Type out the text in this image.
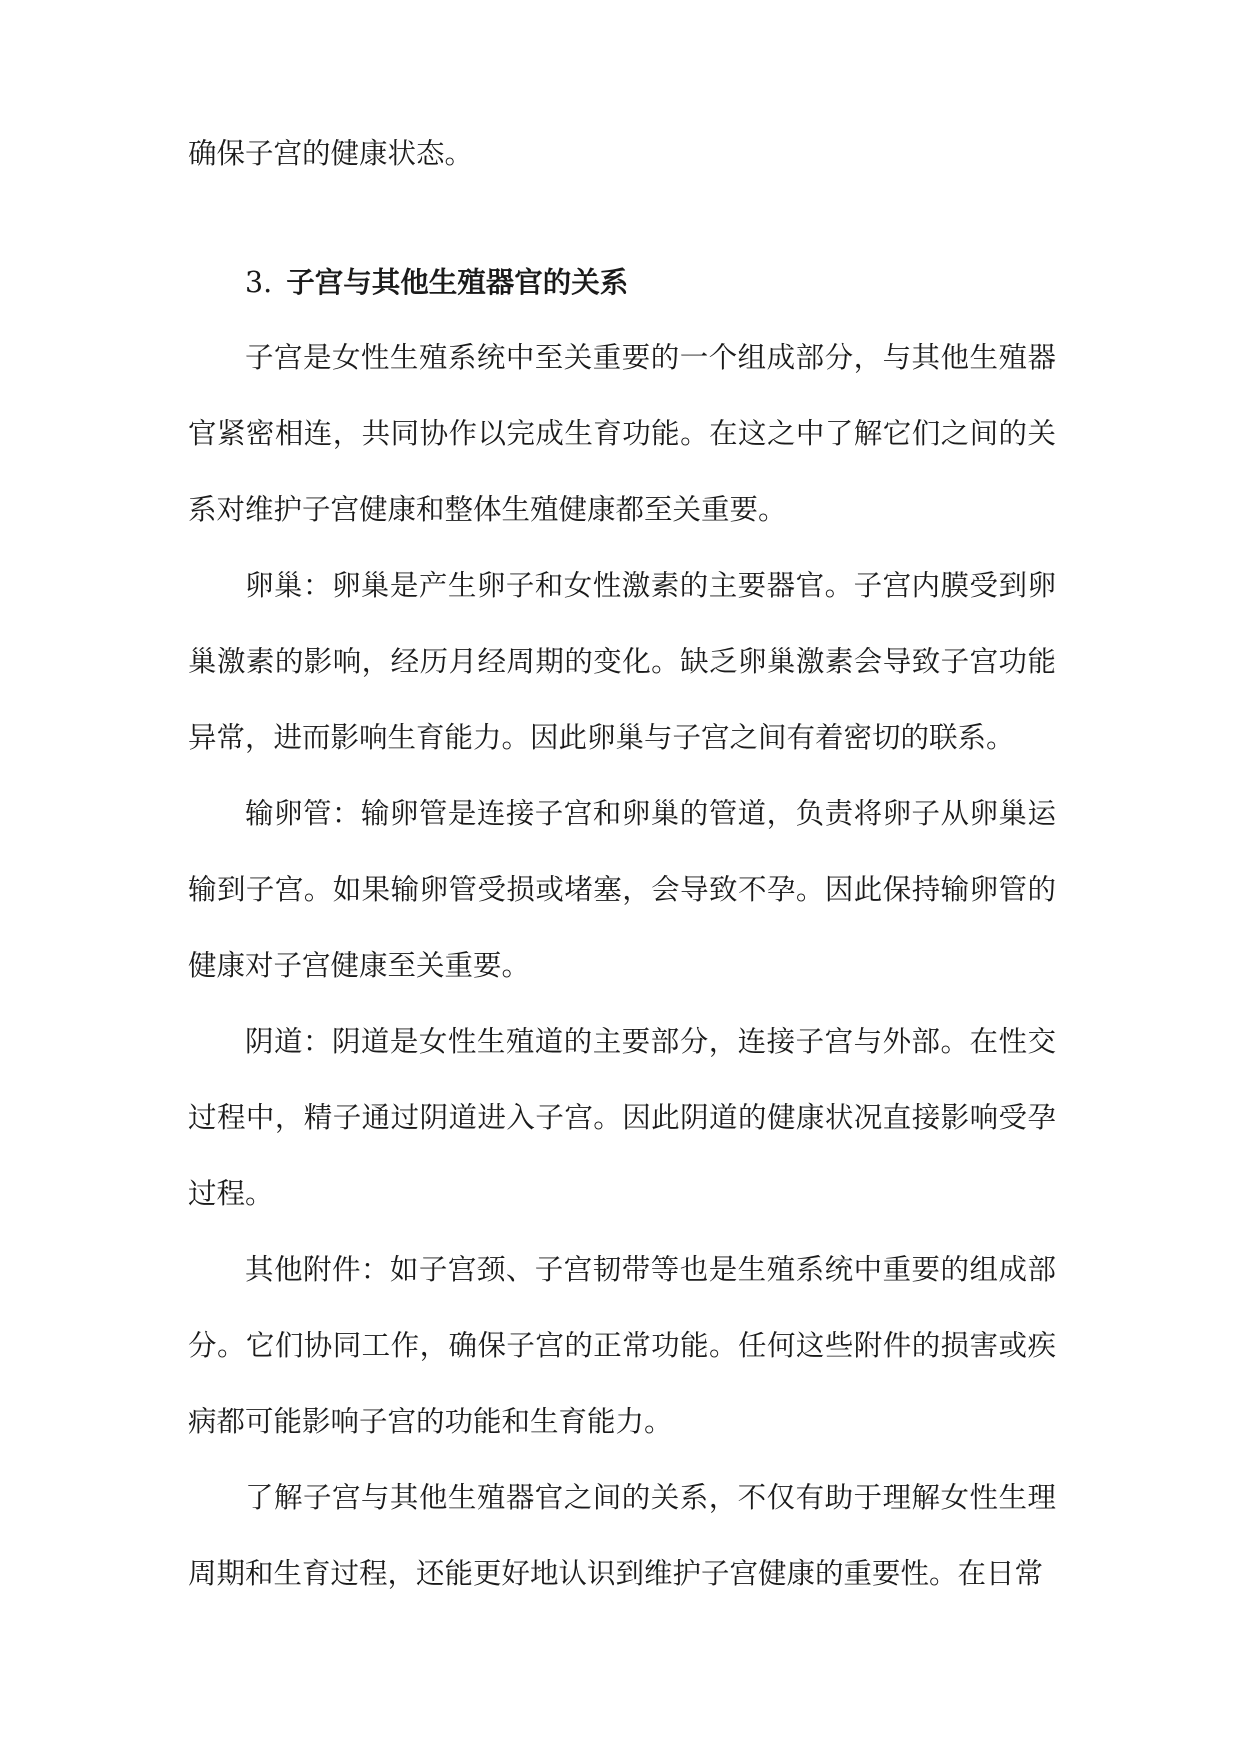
确保子宫的健康状态。

3. 子宫与其他生殖器官的关系

子宫是女性生殖系统中至关重要的一个组成部分，与其他生殖器官紧密相连，共同协作以完成生育功能。在这之中了解它们之间的关系对维护子宫健康和整体生殖健康都至关重要。

卵巢：卵巢是产生卵子和女性激素的主要器官。子宫内膜受到卵巢激素的影响，经历月经周期的变化。缺乏卵巢激素会导致子宫功能异常，进而影响生育能力。因此卵巢与子宫之间有着密切的联系。

输卵管：输卵管是连接子宫和卵巢的管道，负责将卵子从卵巢运输到子宫。如果输卵管受损或堵塞，会导致不孕。因此保持输卵管的健康对子宫健康至关重要。

阴道：阴道是女性生殖道的主要部分，连接子宫与外部。在性交过程中，精子通过阴道进入子宫。因此阴道的健康状况直接影响受孕过程。

其他附件：如子宫颈、子宫韧带等也是生殖系统中重要的组成部分。它们协同工作，确保子宫的正常功能。任何这些附件的损害或疾病都可能影响子宫的功能和生育能力。

了解子宫与其他生殖器官之间的关系，不仅有助于理解女性生理周期和生育过程，还能更好地认识到维护子宫健康的重要性。在日常
